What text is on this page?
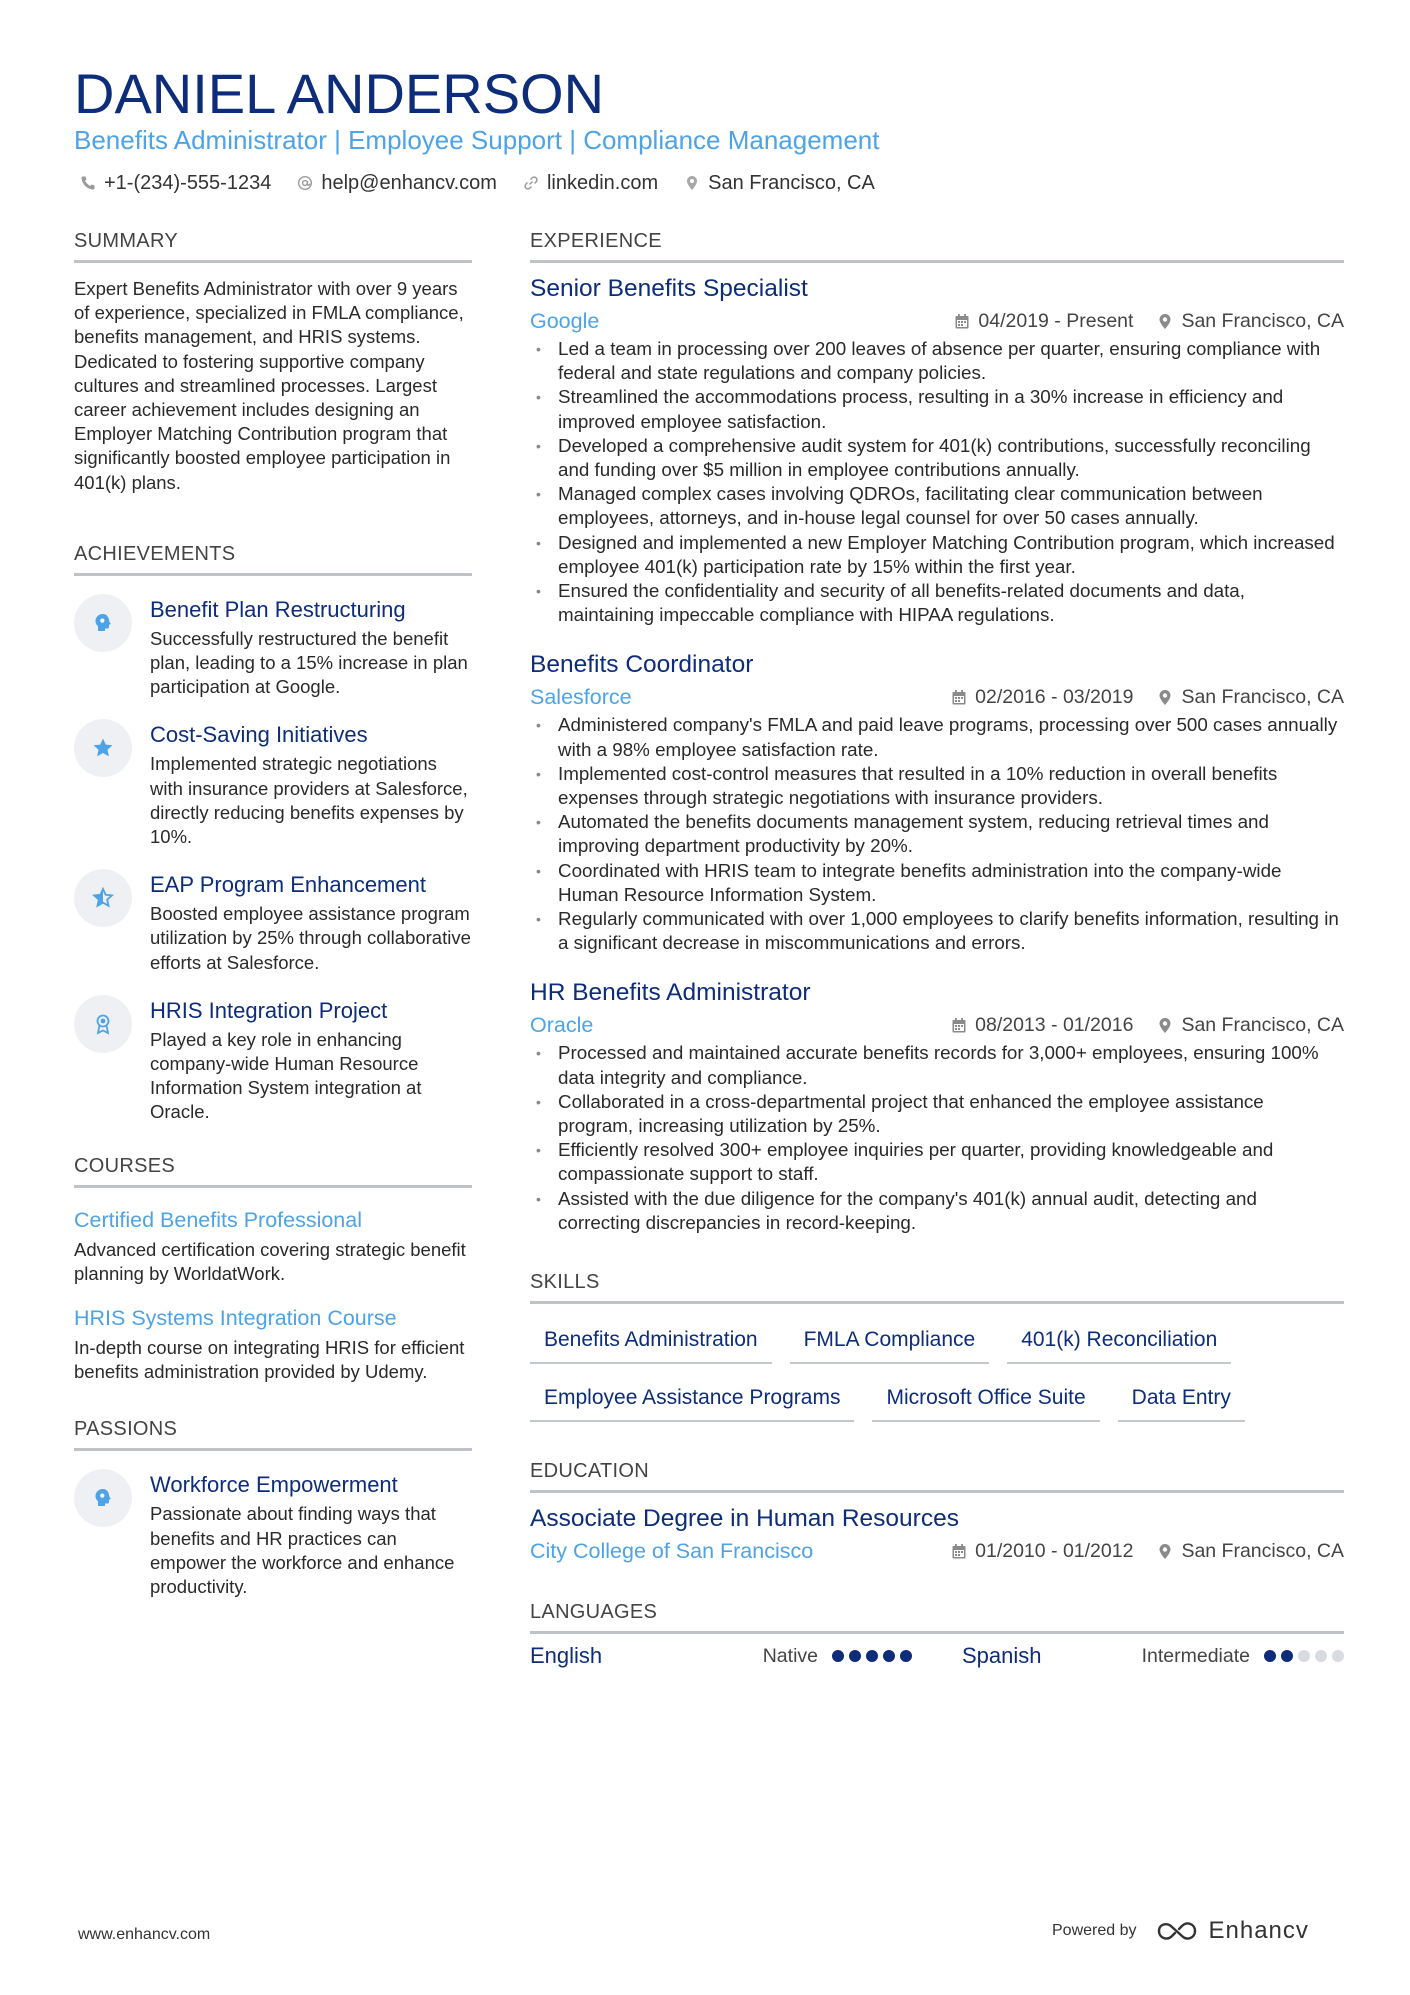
DANIEL ANDERSON
Benefits Administrator | Employee Support | Compliance Management
+1-(234)-555-1234	help@enhancv.com	linkedin.com	San Francisco, CA
SUMMARY
Expert Benefits Administrator with over 9 years of experience, specialized in FMLA compliance, benefits management, and HRIS systems. Dedicated to fostering supportive company cultures and streamlined processes. Largest career achievement includes designing an Employer Matching Contribution program that significantly boosted employee participation in 401(k) plans.
ACHIEVEMENTS
Benefit Plan Restructuring
Successfully restructured the benefit plan, leading to a 15% increase in plan participation at Google.
Cost-Saving Initiatives
Implemented strategic negotiations with insurance providers at Salesforce, directly reducing benefits expenses by 10%.
EAP Program Enhancement
Boosted employee assistance program utilization by 25% through collaborative efforts at Salesforce.
HRIS Integration Project
Played a key role in enhancing company-wide Human Resource Information System integration at Oracle.
COURSES
Certified Benefits Professional
Advanced certification covering strategic benefit planning by WorldatWork.
HRIS Systems Integration Course
In-depth course on integrating HRIS for efficient benefits administration provided by Udemy.
PASSIONS
Workforce Empowerment
Passionate about finding ways that benefits and HR practices can empower the workforce and enhance productivity.
EXPERIENCE
Senior Benefits Specialist
Google	04/2019 - Present San Francisco, CA
• Led a team in processing over 200 leaves of absence per quarter, ensuring compliance with federal and state regulations and company policies.
• Streamlined the accommodations process, resulting in a 30% increase in efficiency and improved employee satisfaction.
• Developed a comprehensive audit system for 401(k) contributions, successfully reconciling and funding over $5 million in employee contributions annually.
• Managed complex cases involving QDROs, facilitating clear communication between employees, attorneys, and in-house legal counsel for over 50 cases annually.
• Designed and implemented a new Employer Matching Contribution program, which increased employee 401(k) participation rate by 15% within the first year.
• Ensured the confidentiality and security of all benefits-related documents and data, maintaining impeccable compliance with HIPAA regulations.
Benefits Coordinator
Salesforce	02/2016 - 03/2019 San Francisco, CA
• Administered company's FMLA and paid leave programs, processing over 500 cases annually with a 98% employee satisfaction rate.
• Implemented cost-control measures that resulted in a 10% reduction in overall benefits expenses through strategic negotiations with insurance providers.
• Automated the benefits documents management system, reducing retrieval times and improving department productivity by 20%.
• Coordinated with HRIS team to integrate benefits administration into the company-wide Human Resource Information System.
• Regularly communicated with over 1,000 employees to clarify benefits information, resulting in a significant decrease in miscommunications and errors.
HR Benefits Administrator
Oracle	08/2013 - 01/2016 San Francisco, CA
• Processed and maintained accurate benefits records for 3,000+ employees, ensuring 100% data integrity and compliance.
• Collaborated in a cross-departmental project that enhanced the employee assistance program, increasing utilization by 25%.
• Efficiently resolved 300+ employee inquiries per quarter, providing knowledgeable and compassionate support to staff.
• Assisted with the due diligence for the company's 401(k) annual audit, detecting and correcting discrepancies in record-keeping.
SKILLS
Benefits Administration	FMLA Compliance	401(k) Reconciliation
Employee Assistance Programs	Microsoft Office Suite	Data Entry
EDUCATION
Associate Degree in Human Resources
City College of San Francisco	01/2010 - 01/2012 San Francisco, CA
LANGUAGES
English	Native	Spanish	Intermediate
www.enhancv.com	Powered by	Enhancv
